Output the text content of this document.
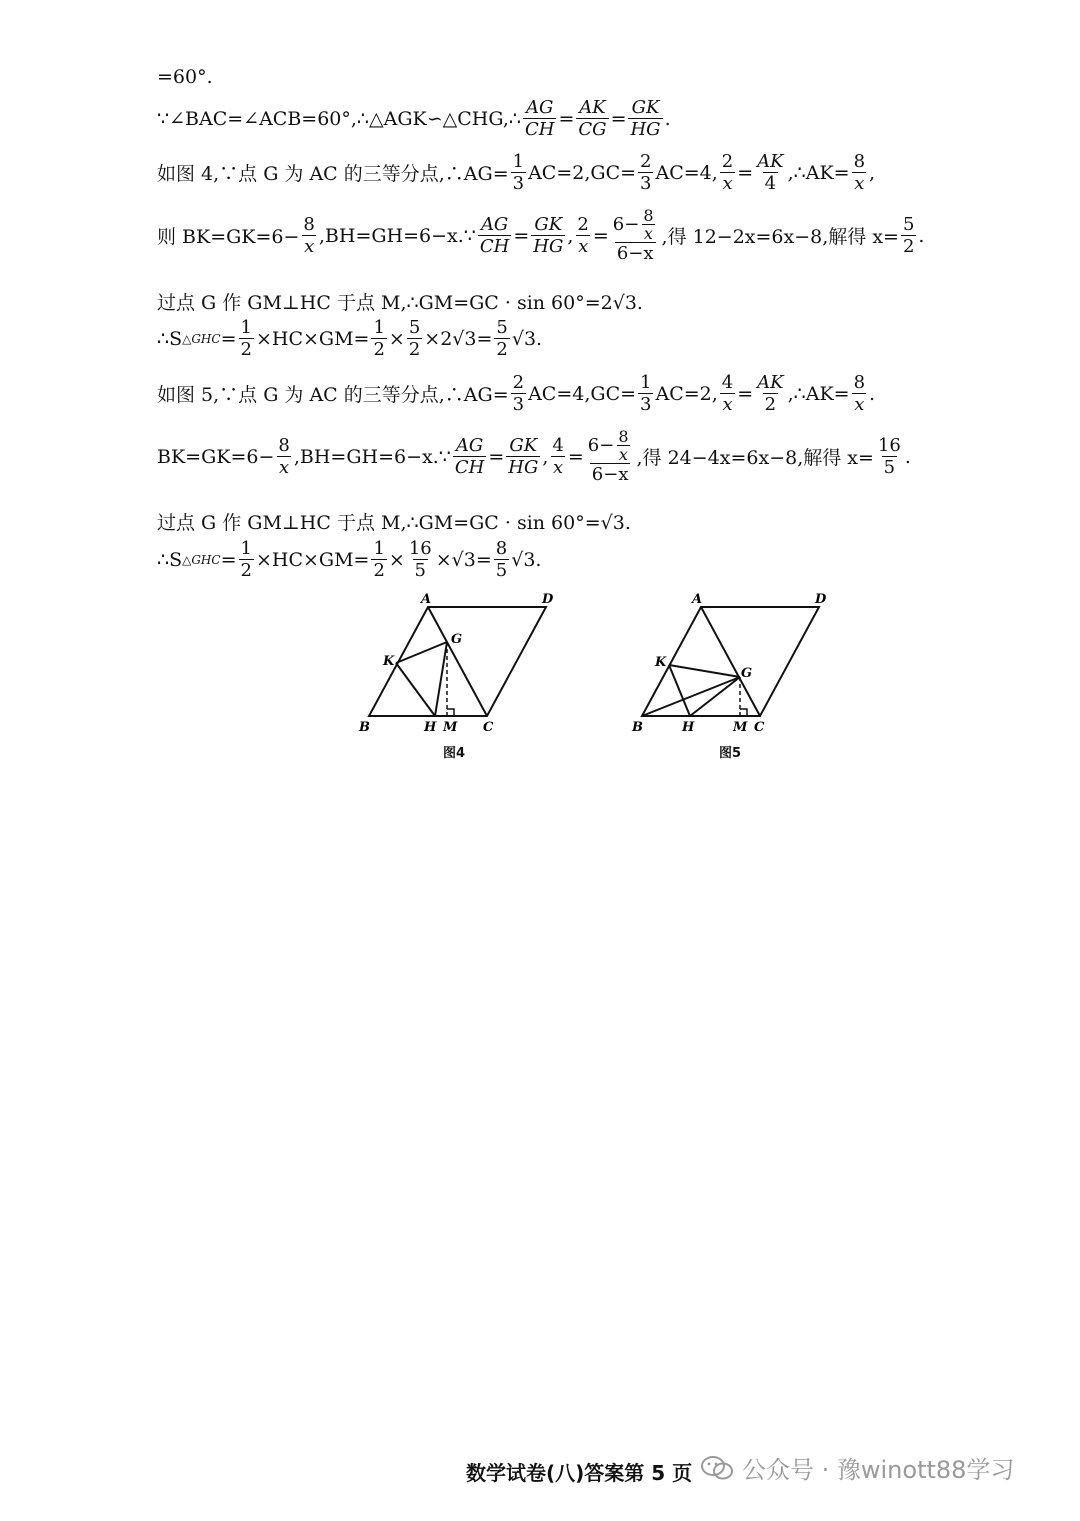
=60°.
∵∠BAC=∠ACB=60°,∴△AGK∽△CHG,∴ $\frac{AG}{CH} = \frac{AK}{CG} = \frac{GK}{HG}$ .
如图 4,∵点 G 为 AC 的三等分点,∴AG= $\frac{1}{3} AC=2,GC= \frac{2}{3} AC=4$, $\frac{2}{x} = \frac{AK}{4}$ ,∴AK= $\frac{8}{x}$ ,
则 $BK=GK=6- \frac{8}{x}$ ,BH=GH=6−x.∵ $\frac{AG}{CH} = \frac{GK}{HG}$ , $\frac{2}{x} = \frac{6- \frac{8}{x}}{6-x}$ ,得 12−2x=6x−8,解得 $x= \frac{5}{2}$ .
过点 G 作 GM⊥HC 于点 M,∴GM=GC · sin 60°=2√3.
∴S △GHC = $\frac{1}{2} \times HC\times GM= \frac{1}{2} \times \frac{5}{2} \times 2√3= \frac{5}{2} √3$.
如图 5,∵点 G 为 AC 的三等分点,∴AG= $\frac{2}{3} AC=4,GC= \frac{1}{3} AC=2$, $\frac{4}{x} = \frac{AK}{2}$ ,∴AK= $\frac{8}{x}$ .
$BK=GK=6- \frac{8}{x}$ ,BH=GH=6−x.∵ $\frac{AG}{CH} = \frac{GK}{HG}$ , $\frac{4}{x} = \frac{6- \frac{8}{x}}{6-x}$ ,得 24−4x=6x−8,解得 $x= \frac{16}{5}$ .
过点 G 作 GM⊥HC 于点 M,∴GM=GC · sin 60°=√3.
∴S △GHC = $\frac{1}{2} \times HC\times GM= \frac{1}{2} \times \frac{16}{5} \times√3= \frac{8}{5} √3$.
A	D
G
K
B	H M C
图4
A	D
G
K
B	H	M C
图5
数学试卷(八)答案第 5 页 公众号 · 豫winott88学习
